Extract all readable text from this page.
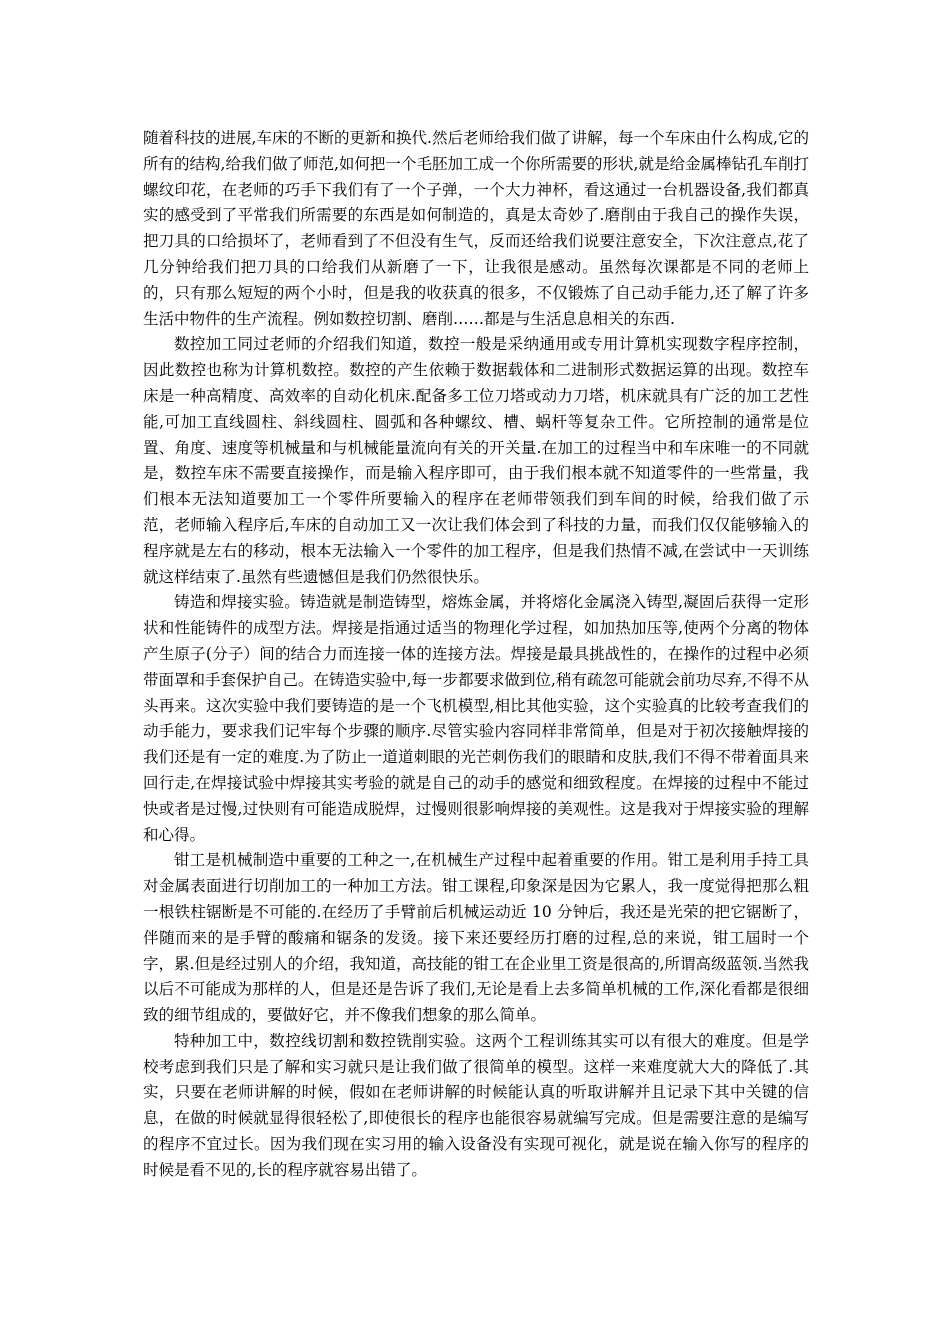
随着科技的进展,车床的不断的更新和换代.然后老师给我们做了讲解，每一个车床由什么构成,它的所有的结构,给我们做了师范,如何把一个毛胚加工成一个你所需要的形状,就是给金属棒钻孔车削打螺纹印花，在老师的巧手下我们有了一个子弹，一个大力神杯，看这通过一台机器设备,我们都真实的感受到了平常我们所需要的东西是如何制造的，真是太奇妙了.磨削由于我自己的操作失误，把刀具的口给损坏了，老师看到了不但没有生气，反而还给我们说要注意安全，下次注意点,花了几分钟给我们把刀具的口给我们从新磨了一下，让我很是感动。虽然每次课都是不同的老师上的，只有那么短短的两个小时，但是我的收获真的很多，不仅锻炼了自己动手能力,还了解了许多生活中物件的生产流程。例如数控切割、磨削……都是与生活息息相关的东西.

数控加工同过老师的介绍我们知道，数控一般是采纳通用或专用计算机实现数字程序控制，因此数控也称为计算机数控。数控的产生依赖于数据载体和二进制形式数据运算的出现。数控车床是一种高精度、高效率的自动化机床.配备多工位刀塔或动力刀塔，机床就具有广泛的加工艺性能,可加工直线圆柱、斜线圆柱、圆弧和各种螺纹、槽、蜗杆等复杂工件。它所控制的通常是位置、角度、速度等机械量和与机械能量流向有关的开关量.在加工的过程当中和车床唯一的不同就是，数控车床不需要直接操作，而是输入程序即可，由于我们根本就不知道零件的一些常量，我们根本无法知道要加工一个零件所要输入的程序在老师带领我们到车间的时候，给我们做了示范，老师输入程序后,车床的自动加工又一次让我们体会到了科技的力量，而我们仅仅能够输入的程序就是左右的移动，根本无法输入一个零件的加工程序，但是我们热情不减,在尝试中一天训练就这样结束了.虽然有些遗憾但是我们仍然很快乐。

铸造和焊接实验。铸造就是制造铸型，熔炼金属，并将熔化金属浇入铸型,凝固后获得一定形状和性能铸件的成型方法。焊接是指通过适当的物理化学过程，如加热加压等,使两个分离的物体产生原子(分子）间的结合力而连接一体的连接方法。焊接是最具挑战性的，在操作的过程中必须带面罩和手套保护自己。在铸造实验中,每一步都要求做到位,稍有疏忽可能就会前功尽弃,不得不从头再来。这次实验中我们要铸造的是一个飞机模型,相比其他实验，这个实验真的比较考查我们的动手能力，要求我们记牢每个步骤的顺序.尽管实验内容同样非常简单，但是对于初次接触焊接的我们还是有一定的难度.为了防止一道道刺眼的光芒刺伤我们的眼睛和皮肤,我们不得不带着面具来回行走,在焊接试验中焊接其实考验的就是自己的动手的感觉和细致程度。在焊接的过程中不能过快或者是过慢,过快则有可能造成脱焊，过慢则很影响焊接的美观性。这是我对于焊接实验的理解和心得。

钳工是机械制造中重要的工种之一,在机械生产过程中起着重要的作用。钳工是利用手持工具对金属表面进行切削加工的一种加工方法。钳工课程,印象深是因为它累人，我一度觉得把那么粗一根铁柱锯断是不可能的.在经历了手臂前后机械运动近 10 分钟后，我还是光荣的把它锯断了，伴随而来的是手臂的酸痛和锯条的发烫。接下来还要经历打磨的过程,总的来说，钳工屆时一个字，累.但是经过别人的介绍，我知道，高技能的钳工在企业里工资是很高的,所谓高级蓝领.当然我以后不可能成为那样的人，但是还是告诉了我们,无论是看上去多简单机械的工作,深化看都是很细致的细节组成的，要做好它，并不像我们想象的那么简单。

特种加工中，数控线切割和数控铣削实验。这两个工程训练其实可以有很大的难度。但是学校考虑到我们只是了解和实习就只是让我们做了很简单的模型。这样一来难度就大大的降低了.其实，只要在老师讲解的时候，假如在老师讲解的时候能认真的听取讲解并且记录下其中关键的信息，在做的时候就显得很轻松了,即使很长的程序也能很容易就编写完成。但是需要注意的是编写的程序不宜过长。因为我们现在实习用的输入设备没有实现可视化，就是说在输入你写的程序的时候是看不见的,长的程序就容易出错了。
